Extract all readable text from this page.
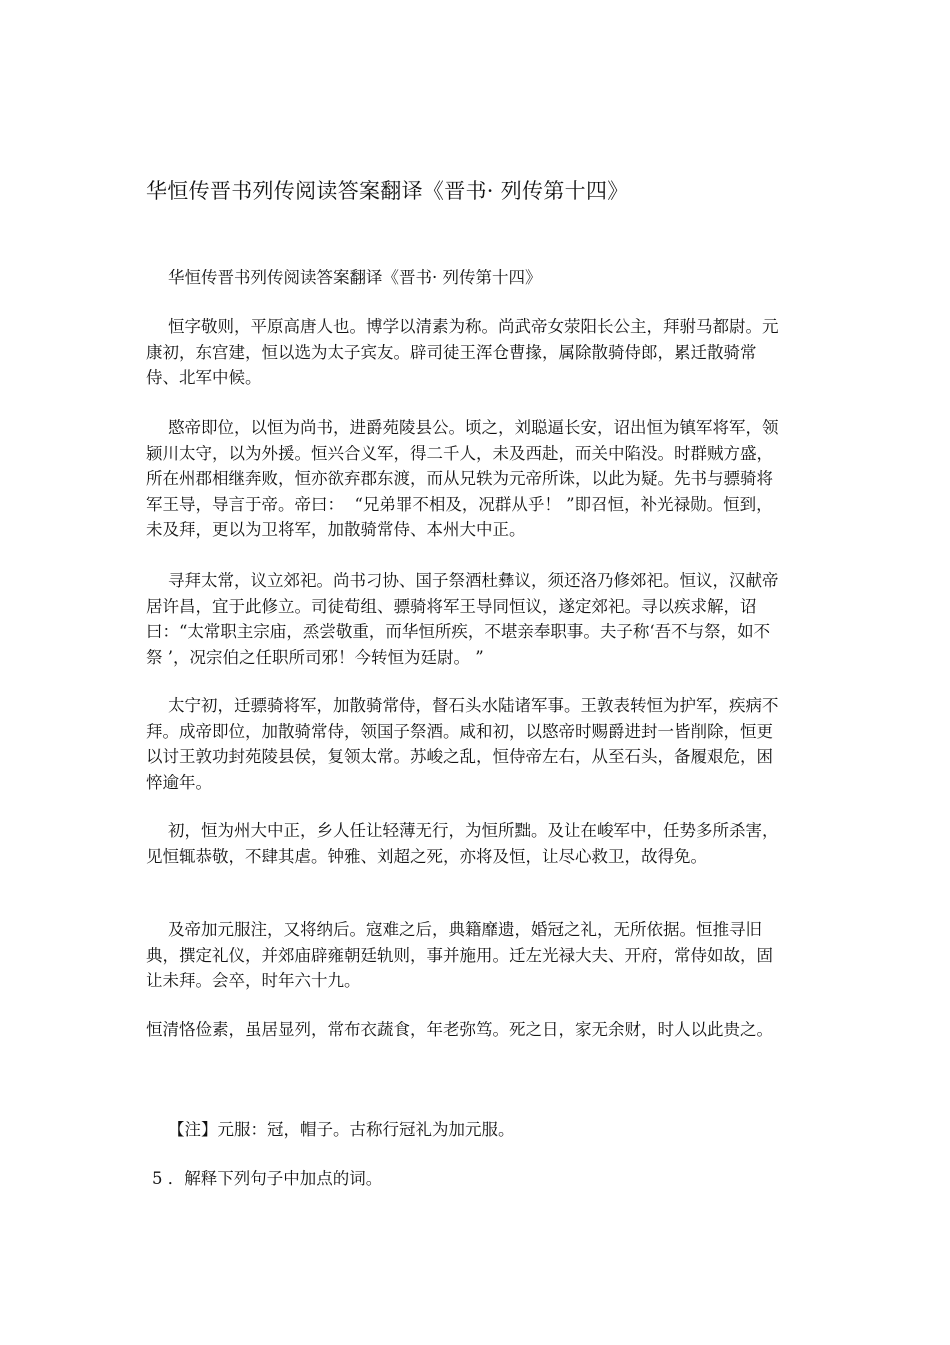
华恒传晋书列传阅读答案翻译《晋书· 列传第十四》

华恒传晋书列传阅读答案翻译《晋书· 列传第十四》

恒字敬则，平原高唐人也。博学以清素为称。尚武帝女荥阳长公主，拜驸马都尉。元康初，东宫建，恒以选为太子宾友。辟司徒王浑仓曹掾，属除散骑侍郎，累迁散骑常侍、北军中候。

愍帝即位，以恒为尚书，进爵苑陵县公。顷之，刘聪逼长安，诏出恒为镇军将军，领颍川太守，以为外援。恒兴合义军，得二千人，未及西赴，而关中陷没。时群贼方盛，所在州郡相继奔败，恒亦欲弃郡东渡，而从兄轶为元帝所诛，以此为疑。先书与骠骑将军王导，导言于帝。帝曰：  “兄弟罪不相及，况群从乎！ ”即召恒，补光禄勋。恒到，未及拜，更以为卫将军，加散骑常侍、本州大中正。

寻拜太常，议立郊祀。尚书刁协、国子祭酒杜彝议，须还洛乃修郊祀。恒议，汉献帝居许昌，宜于此修立。司徒荀组、骠骑将军王导同恒议，遂定郊祀。寻以疾求解，诏曰：“太常职主宗庙，烝尝敬重，而华恒所疾，不堪亲奉职事。夫子称‘吾不与祭，如不祭 ’，况宗伯之任职所司邪！今转恒为廷尉。 ”

太宁初，迁骠骑将军，加散骑常侍，督石头水陆诸军事。王敦表转恒为护军，疾病不拜。成帝即位，加散骑常侍，领国子祭酒。咸和初，以愍帝时赐爵进封一皆削除，恒更以讨王敦功封苑陵县侯，复领太常。苏峻之乱，恒侍帝左右，从至石头，备履艰危，困悴逾年。

初，恒为州大中正，乡人任让轻薄无行，为恒所黜。及让在峻军中，任势多所杀害，见恒辄恭敬，不肆其虐。钟雅、刘超之死，亦将及恒，让尽心救卫，故得免。

及帝加元服注，又将纳后。寇难之后，典籍靡遗，婚冠之礼，无所依据。恒推寻旧典，撰定礼仪，并郊庙辟雍朝廷轨则，事并施用。迁左光禄大夫、开府，常侍如故，固让未拜。会卒，时年六十九。

恒清恪俭素，虽居显列，常布衣蔬食，年老弥笃。死之日，家无余财，时人以此贵之。

【注】元服：冠，帽子。古称行冠礼为加元服。

5 ．解释下列句子中加点的词。
